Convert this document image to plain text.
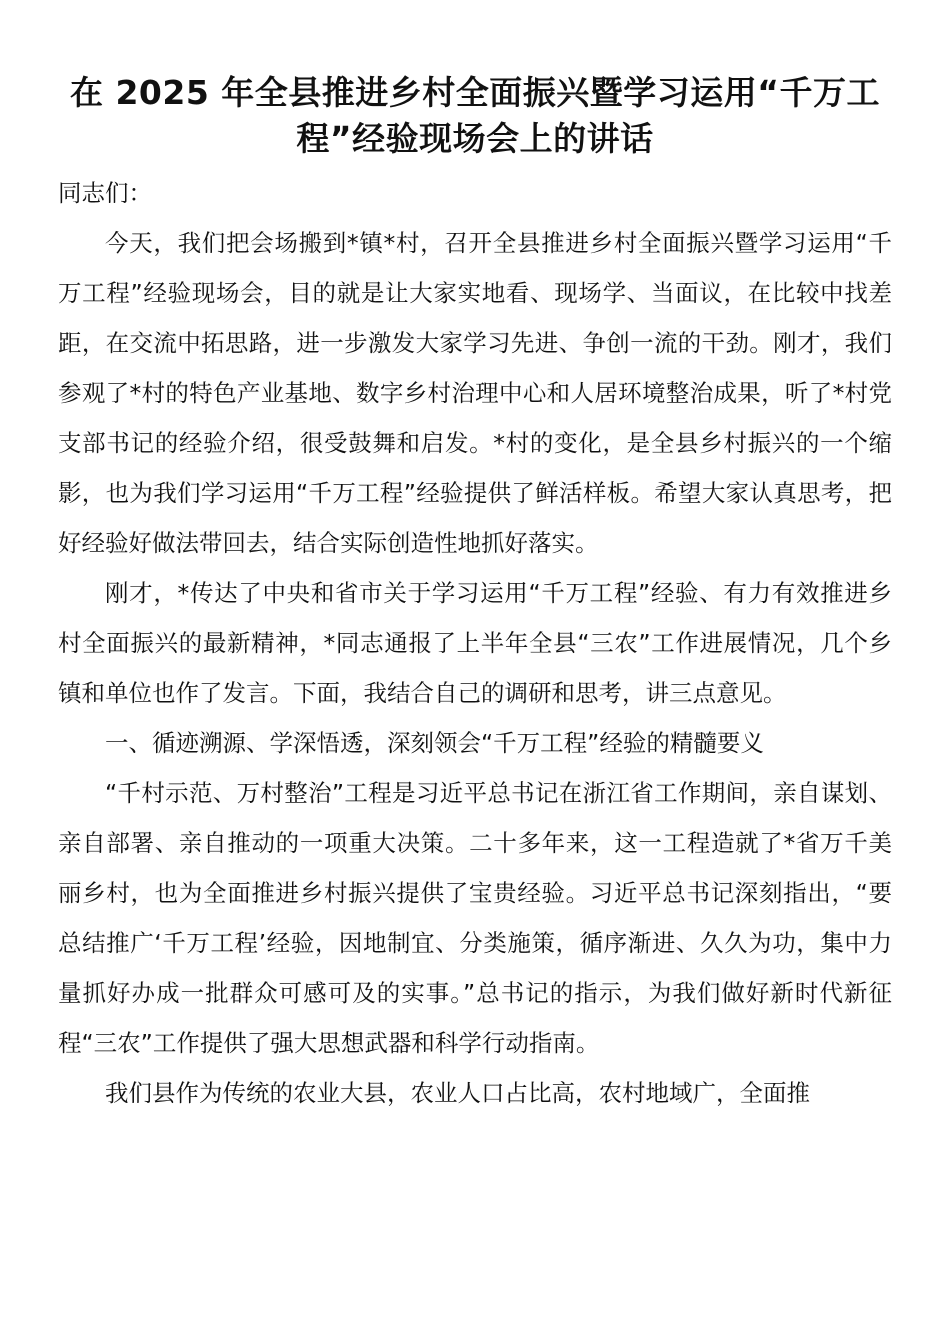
在 2025 年全县推进乡村全面振兴暨学习运用“千万工程”经验现场会上的讲话

同志们：

今天，我们把会场搬到*镇*村，召开全县推进乡村全面振兴暨学习运用“千万工程”经验现场会，目的就是让大家实地看、现场学、当面议，在比较中找差距，在交流中拓思路，进一步激发大家学习先进、争创一流的干劲。刚才，我们参观了*村的特色产业基地、数字乡村治理中心和人居环境整治成果，听了*村党支部书记的经验介绍，很受鼓舞和启发。*村的变化，是全县乡村振兴的一个缩影，也为我们学习运用“千万工程”经验提供了鲜活样板。希望大家认真思考，把好经验好做法带回去，结合实际创造性地抓好落实。

刚才，*传达了中央和省市关于学习运用“千万工程”经验、有力有效推进乡村全面振兴的最新精神，*同志通报了上半年全县“三农”工作进展情况，几个乡镇和单位也作了发言。下面，我结合自己的调研和思考，讲三点意见。

一、循迹溯源、学深悟透，深刻领会“千万工程”经验的精髓要义

“千村示范、万村整治”工程是习近平总书记在浙江省工作期间，亲自谋划、亲自部署、亲自推动的一项重大决策。二十多年来，这一工程造就了*省万千美丽乡村，也为全面推进乡村振兴提供了宝贵经验。习近平总书记深刻指出，“要总结推广‘千万工程’经验，因地制宜、分类施策，循序渐进、久久为功，集中力量抓好办成一批群众可感可及的实事。”总书记的指示，为我们做好新时代新征程“三农”工作提供了强大思想武器和科学行动指南。

我们县作为传统的农业大县，农业人口占比高，农村地域广，全面推
